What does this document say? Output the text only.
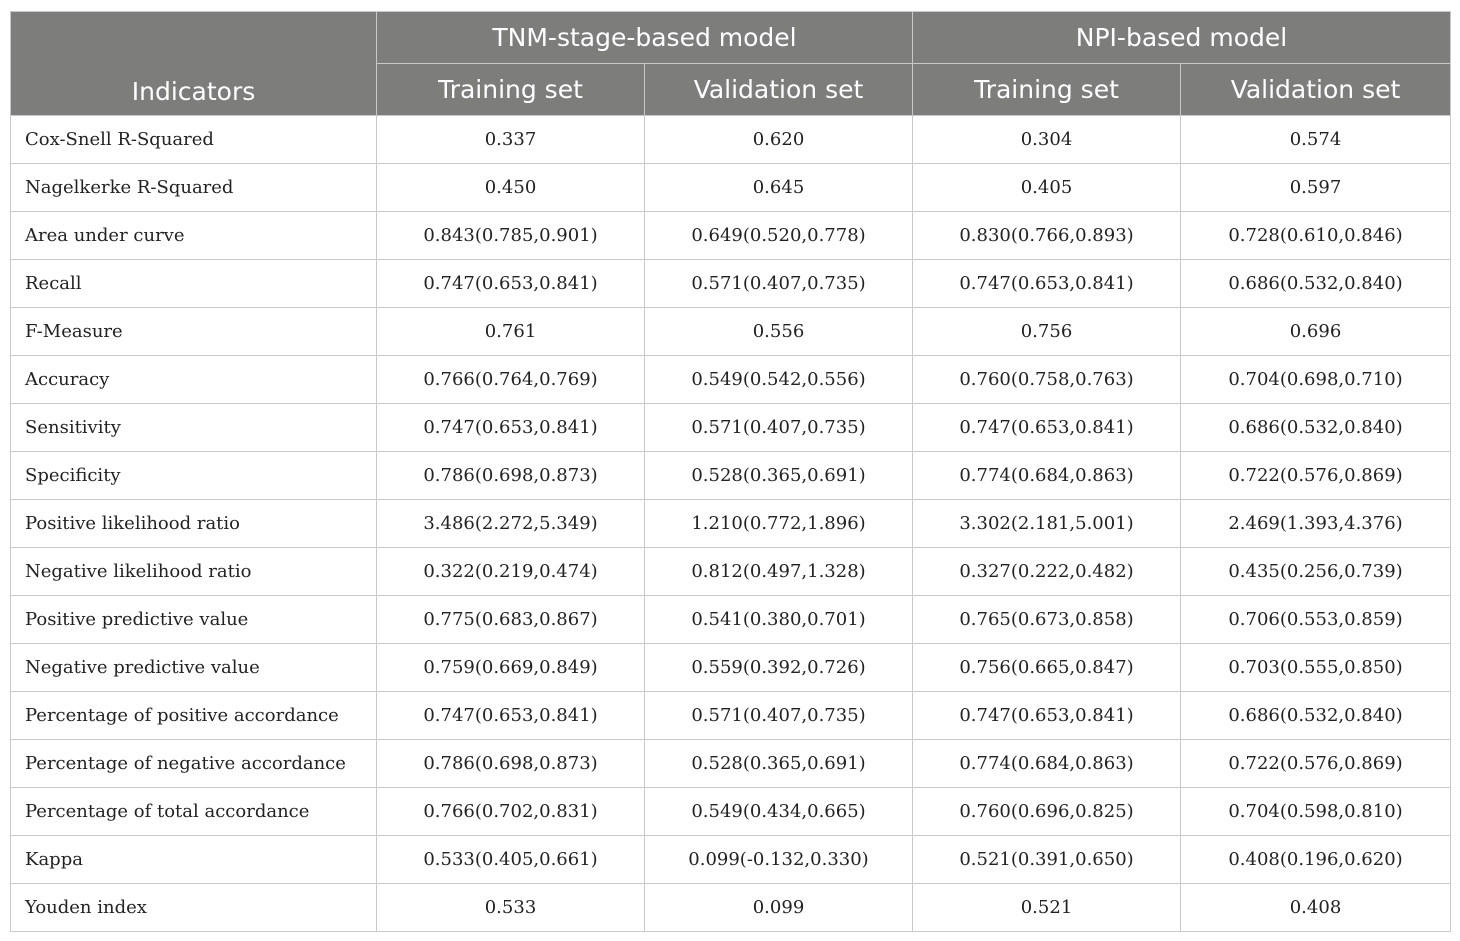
Indicators	TNM-stage-based model		NPI-based model	
	Training set	Validation set	Training set	Validation set
Cox-Snell R-Squared	0.337	0.620	0.304	0.574
Nagelkerke R-Squared	0.450	0.645	0.405	0.597
Area under curve	0.843(0.785,0.901)	0.649(0.520,0.778)	0.830(0.766,0.893)	0.728(0.610,0.846)
Recall	0.747(0.653,0.841)	0.571(0.407,0.735)	0.747(0.653,0.841)	0.686(0.532,0.840)
F-Measure	0.761	0.556	0.756	0.696
Accuracy	0.766(0.764,0.769)	0.549(0.542,0.556)	0.760(0.758,0.763)	0.704(0.698,0.710)
Sensitivity	0.747(0.653,0.841)	0.571(0.407,0.735)	0.747(0.653,0.841)	0.686(0.532,0.840)
Specificity	0.786(0.698,0.873)	0.528(0.365,0.691)	0.774(0.684,0.863)	0.722(0.576,0.869)
Positive likelihood ratio	3.486(2.272,5.349)	1.210(0.772,1.896)	3.302(2.181,5.001)	2.469(1.393,4.376)
Negative likelihood ratio	0.322(0.219,0.474)	0.812(0.497,1.328)	0.327(0.222,0.482)	0.435(0.256,0.739)
Positive predictive value	0.775(0.683,0.867)	0.541(0.380,0.701)	0.765(0.673,0.858)	0.706(0.553,0.859)
Negative predictive value	0.759(0.669,0.849)	0.559(0.392,0.726)	0.756(0.665,0.847)	0.703(0.555,0.850)
Percentage of positive accordance	0.747(0.653,0.841)	0.571(0.407,0.735)	0.747(0.653,0.841)	0.686(0.532,0.840)
Percentage of negative accordance	0.786(0.698,0.873)	0.528(0.365,0.691)	0.774(0.684,0.863)	0.722(0.576,0.869)
Percentage of total accordance	0.766(0.702,0.831)	0.549(0.434,0.665)	0.760(0.696,0.825)	0.704(0.598,0.810)
Kappa	0.533(0.405,0.661)	0.099(-0.132,0.330)	0.521(0.391,0.650)	0.408(0.196,0.620)
Youden index	0.533	0.099	0.521	0.408
